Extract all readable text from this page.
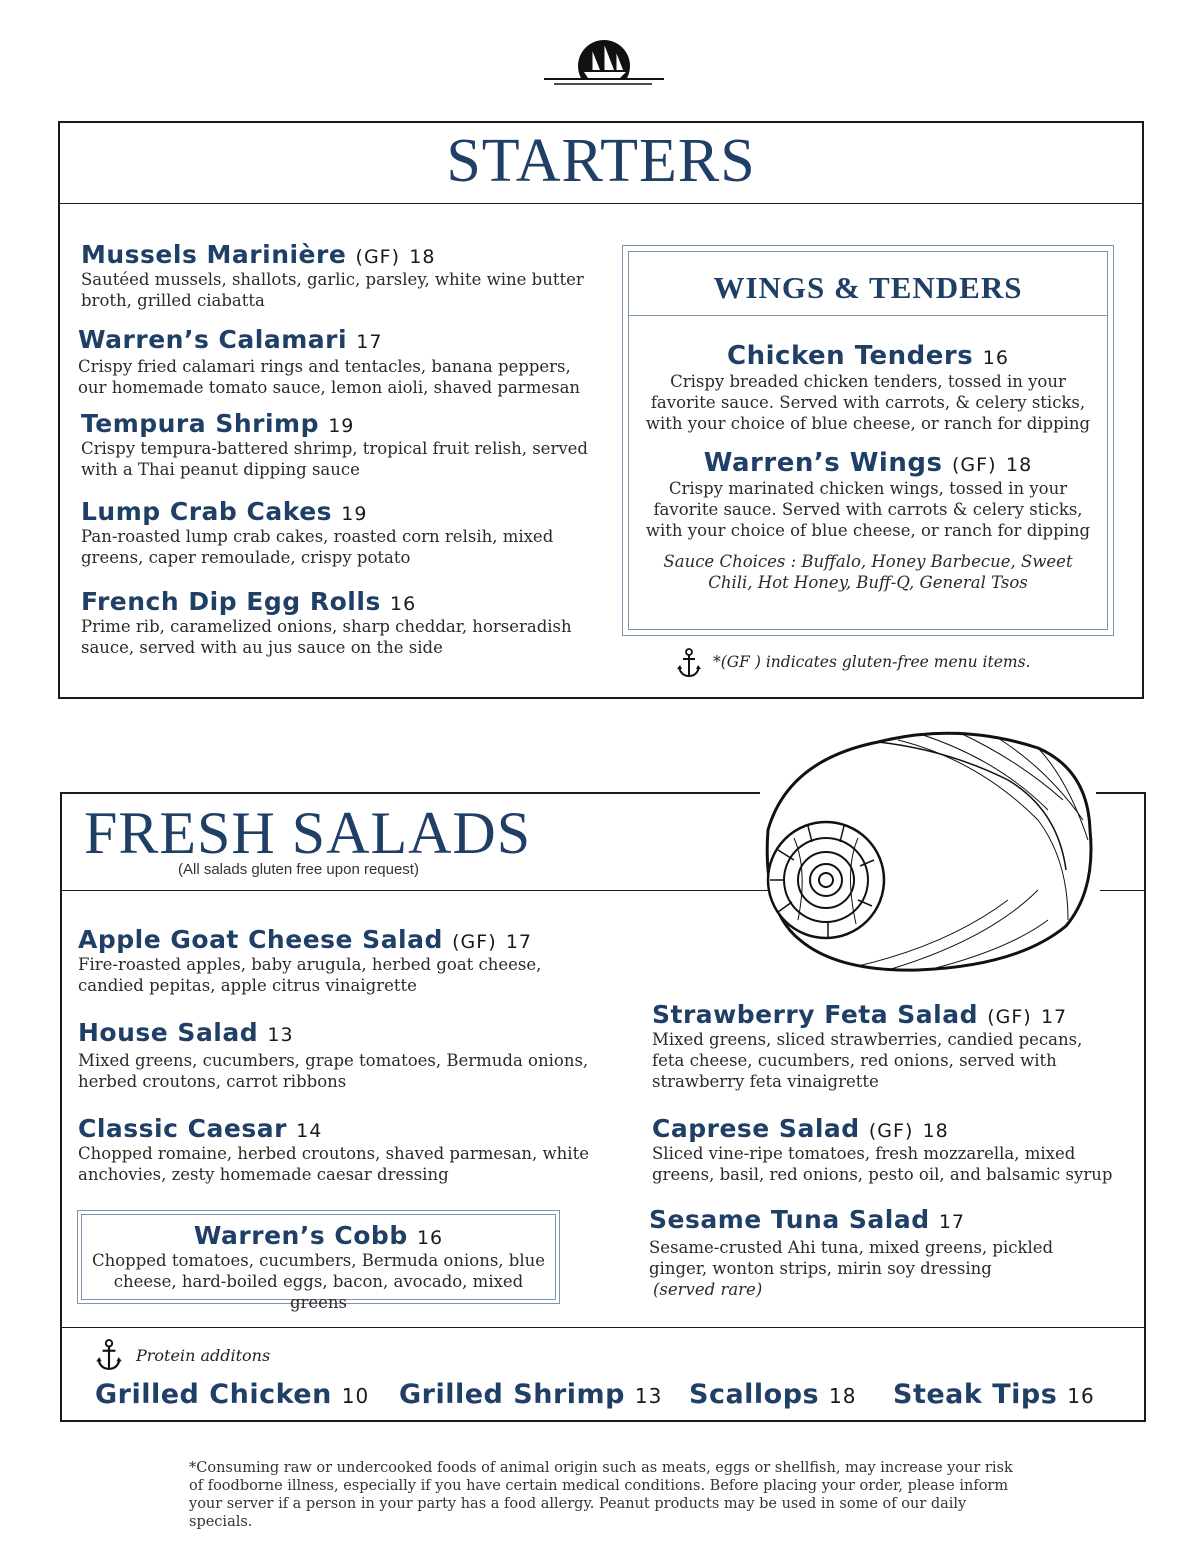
STARTERS
Mussels Marinière (GF) 18
Sautéed mussels, shallots, garlic, parsley, white wine butter broth, grilled ciabatta
Warren’s Calamari 17
Crispy fried calamari rings and tentacles, banana peppers, our homemade tomato sauce, lemon aioli, shaved parmesan
Tempura Shrimp 19
Crispy tempura-battered shrimp, tropical fruit relish, served with a Thai peanut dipping sauce
Lump Crab Cakes 19
Pan-roasted lump crab cakes, roasted corn relsih, mixed greens, caper remoulade, crispy potato
French Dip Egg Rolls 16
Prime rib, caramelized onions, sharp cheddar, horseradish sauce, served with au jus sauce on the side
WINGS & TENDERS
Chicken Tenders 16
Crispy breaded chicken tenders, tossed in your favorite sauce. Served with carrots, & celery sticks, with your choice of blue cheese, or ranch for dipping
Warren’s Wings (GF) 18
Crispy marinated chicken wings, tossed in your favorite sauce. Served with carrots & celery sticks, with your choice of blue cheese, or ranch for dipping
Sauce Choices : Buffalo, Honey Barbecue, Sweet Chili, Hot Honey, Buff-Q, General Tsos
*(GF ) indicates gluten-free menu items.
FRESH SALADS
(All salads gluten free upon request)
Apple Goat Cheese Salad (GF) 17
Fire-roasted apples, baby arugula, herbed goat cheese, candied pepitas, apple citrus vinaigrette
House Salad 13
Mixed greens, cucumbers, grape tomatoes, Bermuda onions, herbed croutons, carrot ribbons
Classic Caesar 14
Chopped romaine, herbed croutons, shaved parmesan, white anchovies, zesty homemade caesar dressing
Warren’s Cobb 16
Chopped tomatoes, cucumbers, Bermuda onions, blue cheese, hard-boiled eggs, bacon, avocado, mixed greens
Strawberry Feta Salad (GF) 17
Mixed greens, sliced strawberries, candied pecans, feta cheese, cucumbers, red onions, served with strawberry feta vinaigrette
Caprese Salad (GF) 18
Sliced vine-ripe tomatoes, fresh mozzarella, mixed greens, basil, red onions, pesto oil, and balsamic syrup
Sesame Tuna Salad 17
Sesame-crusted Ahi tuna, mixed greens, pickled ginger, wonton strips, mirin soy dressing
(served rare)
Protein additons
Grilled Chicken 10 Grilled Shrimp 13 Scallops 18 Steak Tips 16
*Consuming raw or undercooked foods of animal origin such as meats, eggs or shellfish, may increase your risk of foodborne illness, especially if you have certain medical conditions. Before placing your order, please inform your server if a person in your party has a food allergy. Peanut products may be used in some of our daily specials.
